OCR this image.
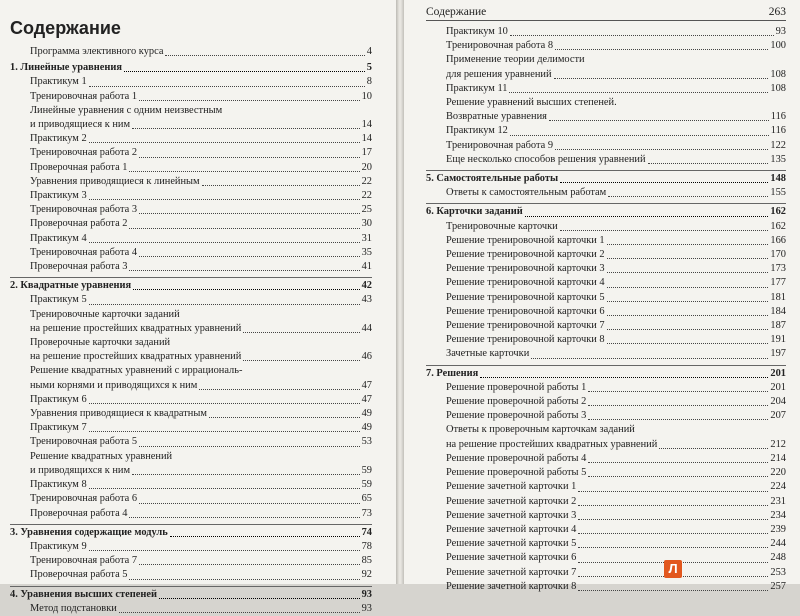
Содержание
Программа элективного курса	4
1. Линейные уравнения	5
Практикум 1	8
Тренировочная работа 1	10
Линейные уравнения с одним неизвестным
и приводящиеся к ним	14
Практикум 2	14
Тренировочная работа 2	17
Проверочная работа 1	20
Уравнения приводящиеся к линейным	22
Практикум 3	22
Тренировочная работа 3	25
Проверочная работа 2	30
Практикум 4	31
Тренировочная работа 4	35
Проверочная работа 3	41
2. Квадратные уравнения	42
Практикум 5	43
Тренировочные карточки заданий
на решение простейших квадратных уравнений	44
Проверочные карточки заданий
на решение простейших квадратных уравнений	46
Решение квадратных уравнений с иррациональ-
ными корнями и приводящихся к ним	47
Практикум 6	47
Уравнения приводящиеся к квадратным	49
Практикум 7	49
Тренировочная работа 5	53
Решение квадратных уравнений
и приводящихся к ним	59
Практикум 8	59
Тренировочная работа 6	65
Проверочная работа 4	73
3. Уравнения содержащие модуль	74
Практикум 9	78
Тренировочная работа 7	85
Проверочная работа 5	92
4. Уравнения высших степеней	93
Метод подстановки	93
Содержание	263
Практикум 10	93
Тренировочная работа 8	100
Применение теории делимости
для решения уравнений	108
Практикум 11	108
Решение уравнений высших степеней.
Возвратные уравнения	116
Практикум 12	116
Тренировочная работа 9	122
Еще несколько способов решения уравнений	135
5. Самостоятельные работы	148
Ответы к самостоятельным работам	155
6. Карточки заданий	162
Тренировочные карточки	162
Решение тренировочной карточки 1	166
Решение тренировочной карточки 2	170
Решение тренировочной карточки 3	173
Решение тренировочной карточки 4	177
Решение тренировочной карточки 5	181
Решение тренировочной карточки 6	184
Решение тренировочной карточки 7	187
Решение тренировочной карточки 8	191
Зачетные карточки	197
7. Решения	201
Решение проверочной работы 1	201
Решение проверочной работы 2	204
Решение проверочной работы 3	207
Ответы к проверочным карточкам заданий
на решение простейших квадратных уравнений	212
Решение проверочной работы 4	214
Решение проверочной работы 5	220
Решение зачетной карточки 1	224
Решение зачетной карточки 2	231
Решение зачетной карточки 3	234
Решение зачетной карточки 4	239
Решение зачетной карточки 5	244
Решение зачетной карточки 6	248
Решение зачетной карточки 7	253
Решение зачетной карточки 8	257
Л
